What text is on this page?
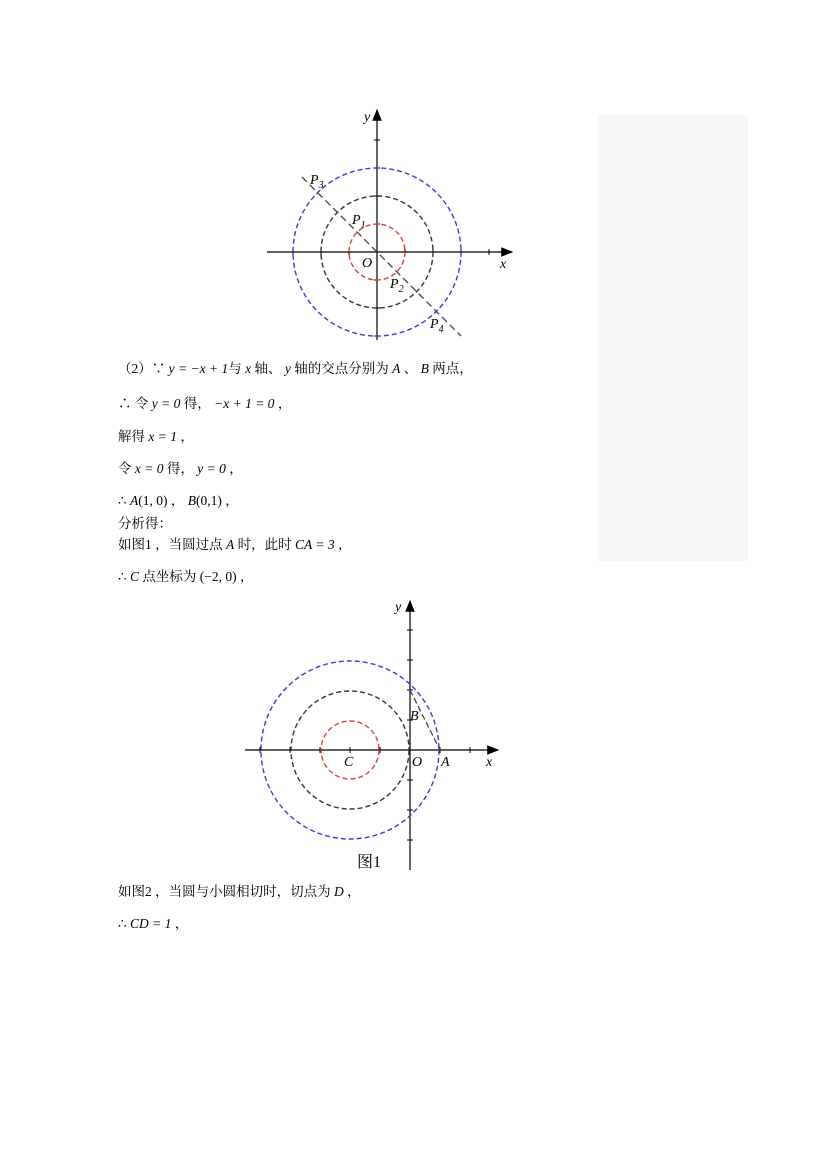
y
x
O
$P_3$
$P_1$
$P_2$
$P_4$
（2）∵ y = −x + 1与 x 轴、 y 轴的交点分别为 A 、 B 两点，
∴ 令 y = 0 得， −x + 1 = 0 ，
解得 x = 1 ，
令 x = 0 得， y = 0 ，
∴ A(1, 0) ， B(0,1) ，
分析得：
如图1 ，当圆过点 A 时，此时 CA = 3 ，
∴ C 点坐标为 (−2, 0) ，
y
x
O
C	A
B
图1
如图2 ，当圆与小圆相切时，切点为 D ，
∴ CD = 1 ，
